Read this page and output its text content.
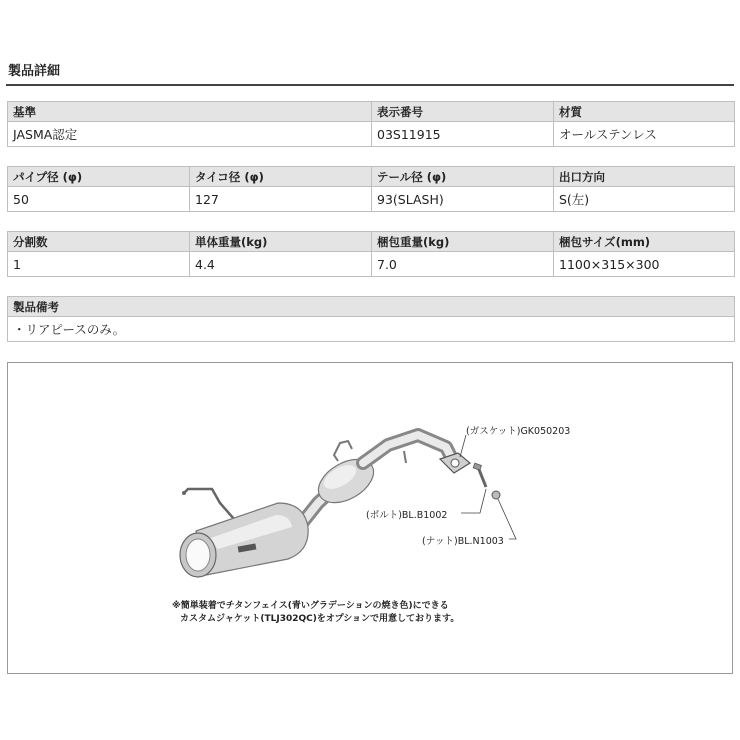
製品詳細
基準	表示番号	材質
JASMA認定	03S11915	オールステンレス
パイプ径 (φ)	タイコ径 (φ)	テール径 (φ)	出口方向
50	127	93(SLASH)	S(左)
分割数	単体重量(kg)	梱包重量(kg)	梱包サイズ(mm)
1	4.4	7.0	1100×315×300
製品備考
・リアピースのみ。
(ガスケット)GK050203
(ボルト)BL.B1002
(ナット)BL.N1003
※簡単装着でチタンフェイス(青いグラデーションの焼き色)にできる
カスタムジャケット(TLJ302QC)をオプションで用意しております。
